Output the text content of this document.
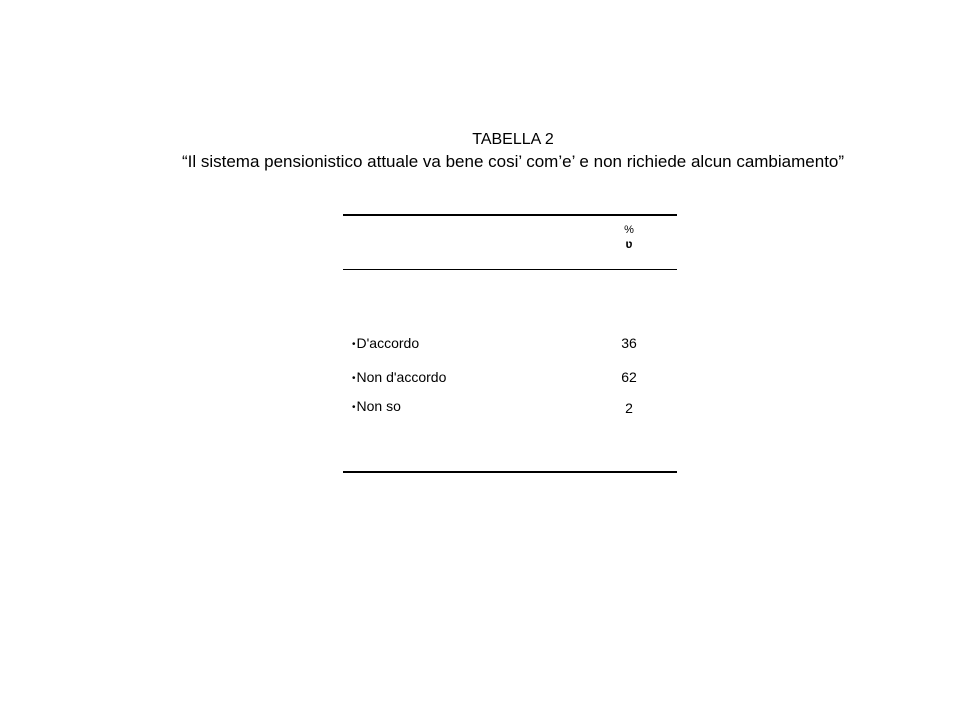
TABELLA 2
“Il sistema pensionistico attuale va bene cosi’ com’e’ e non richiede alcun cambiamento”
%
ʋ
•D'accordo	36
•Non d'accordo	62
•Non so	2
